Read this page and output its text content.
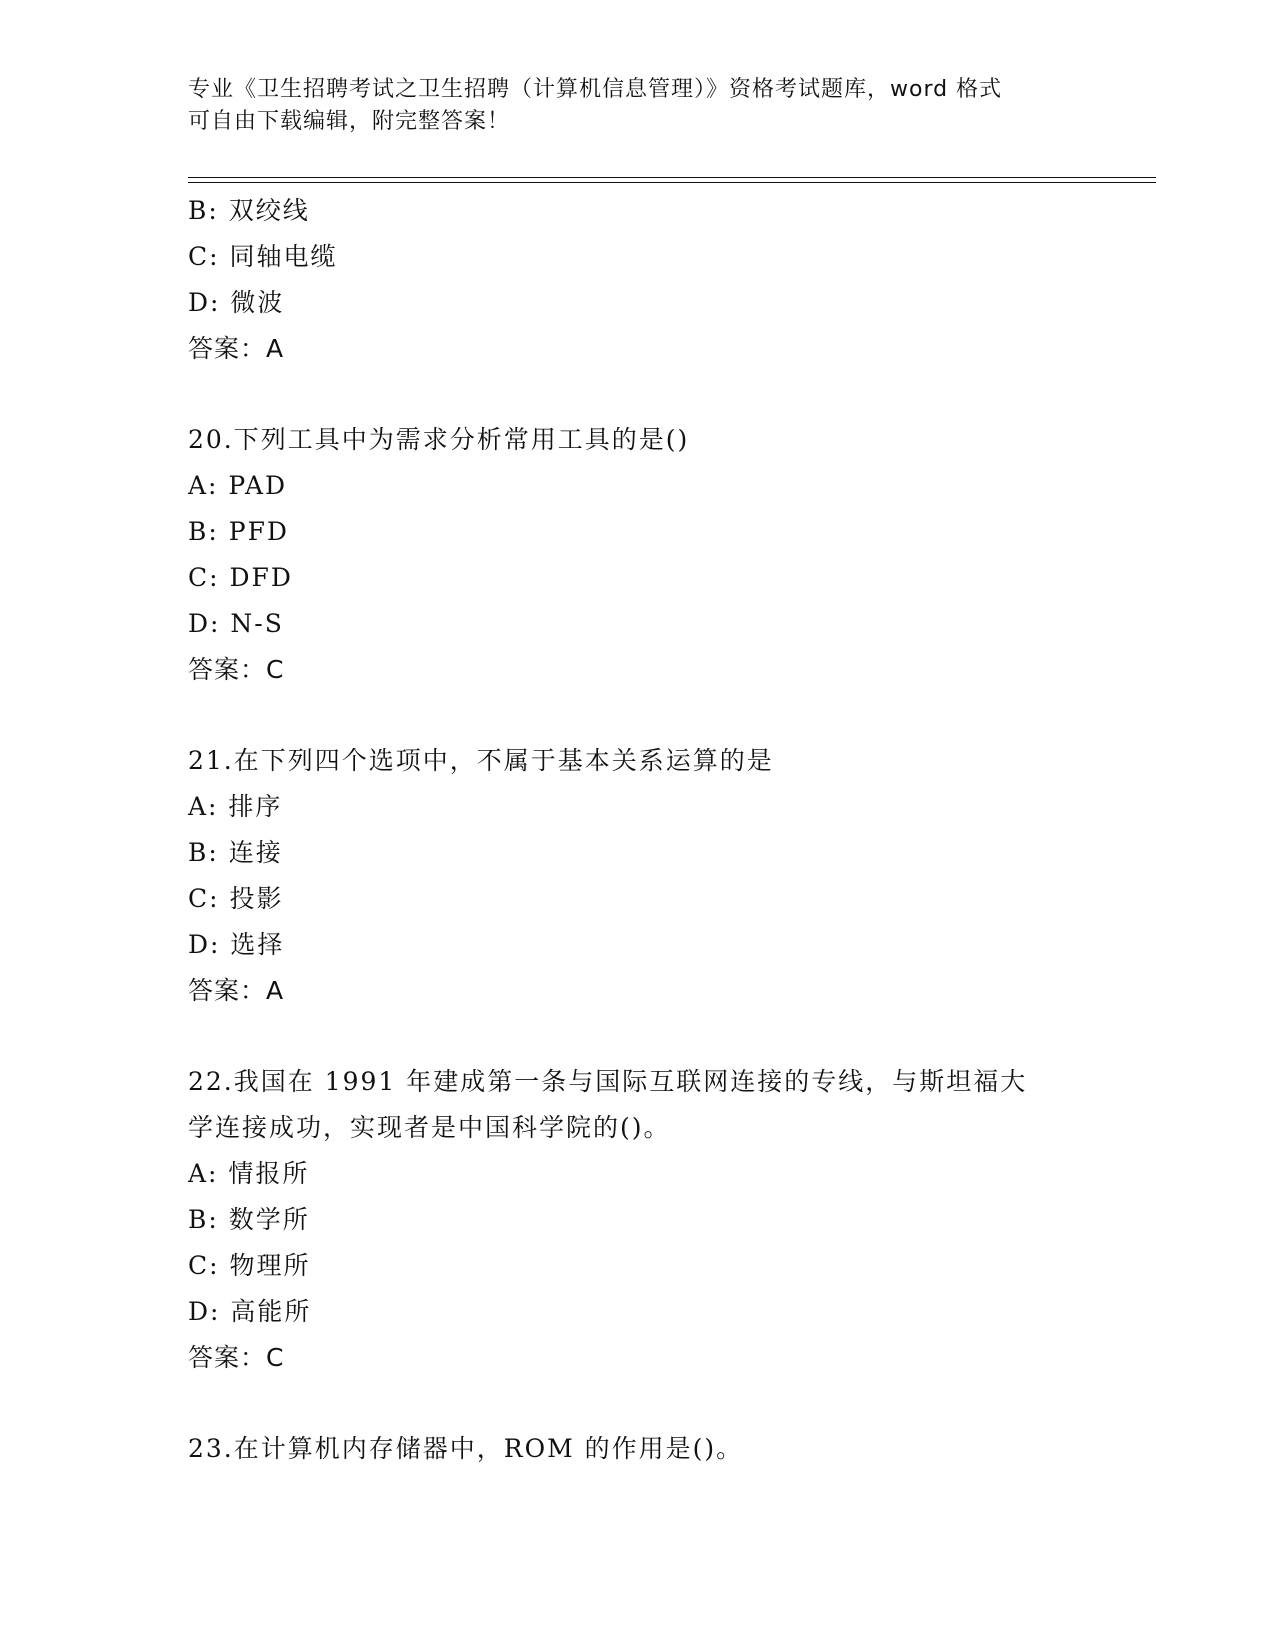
专业《卫生招聘考试之卫生招聘（计算机信息管理）》资格考试题库，word 格式
可自由下载编辑，附完整答案！
B: 双绞线
C: 同轴电缆
D: 微波
答案：A
20.下列工具中为需求分析常用工具的是()
A: PAD
B: PFD
C: DFD
D: N-S
答案：C
21.在下列四个选项中，不属于基本关系运算的是
A: 排序
B: 连接
C: 投影
D: 选择
答案：A
22.我国在 1991 年建成第一条与国际互联网连接的专线，与斯坦福大
学连接成功，实现者是中国科学院的()。
A: 情报所
B: 数学所
C: 物理所
D: 高能所
答案：C
23.在计算机内存储器中，ROM 的作用是()。
